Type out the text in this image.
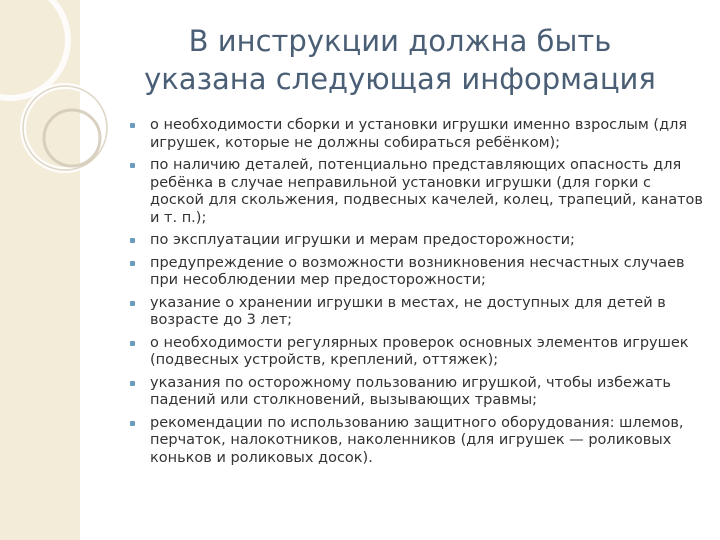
В инструкции должна быть
указана следующая информация
о необходимости сборки и установки игрушки именно взрослым (для игрушек, которые не должны собираться ребёнком);
по наличию деталей, потенциально представляющих опасность для ребёнка в случае неправильной установки игрушки (для горки с доской для скольжения, подвесных качелей, колец, трапеций, канатов и т. п.);
по эксплуатации игрушки и мерам предосторожности;
предупреждение о возможности возникновения несчастных случаев при несоблюдении мер предосторожности;
указание о хранении игрушки в местах, не доступных для детей в возрасте до 3 лет;
о необходимости регулярных проверок основных элементов игрушек (подвесных устройств, креплений, оттяжек);
указания по осторожному пользованию игрушкой, чтобы избежать падений или столкновений, вызывающих травмы;
рекомендации по использованию защитного оборудования: шлемов, перчаток, налокотников, наколенников (для игрушек — роликовых коньков и роликовых досок).
